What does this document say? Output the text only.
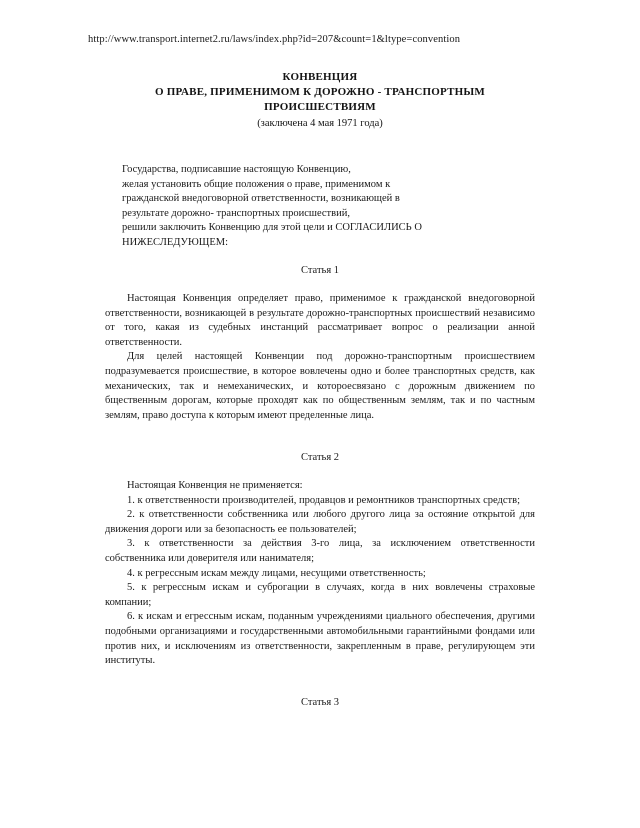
http://www.transport.internet2.ru/laws/index.php?id=207&count=1&ltype=convention
КОНВЕНЦИЯ
О ПРАВЕ, ПРИМЕНИМОМ К ДОРОЖНО - ТРАНСПОРТНЫМ
ПРОИСШЕСТВИЯМ
(заключена 4 мая 1971 года)
Государства, подписавшие настоящую Конвенцию,
желая установить общие положения о праве, применимом к
гражданской внедоговорной ответственности, возникающей в
результате дорожно- транспортных происшествий,
решили заключить Конвенцию для этой цели и СОГЛАСИЛИСЬ О
НИЖЕСЛЕДУЮЩЕМ:
Статья 1

Настоящая Конвенция определяет право, применимое к гражданской внедоговорной ответственности, возникающей в результате дорожно-транспортных происшествий независимо от того, какая из судебных инстанций рассматривает вопрос о реализации анной ответственности.

Для целей настоящей Конвенции под дорожно-транспортным происшествием подразумевается происшествие, в которое вовлечены одно и более транспортных средств, как механических, так и немеханических, и котороесвязано с дорожным движением по бщественным дорогам, которые проходят как по общественным землям, так и по частным землям, право доступа к которым имеют пределенные лица.

Статья 2

Настоящая Конвенция не применяется:

1. к ответственности производителей, продавцов и ремонтников транспортных средств;

2. к ответственности собственника или любого другого лица за остояние открытой для движения дороги или за безопасность ее пользователей;

3. к ответственности за действия 3-го лица, за исключением ответственности собственника или доверителя или нанимателя;

4. к регрессным искам между лицами, несущими ответственность;

5. к регрессным искам и суброгации в случаях, когда в них вовлечены страховые компании;

6. к искам и егрессным искам, поданным учреждениями циального обеспечения, другими подобными организациями и государственными автомобильными гарантийными фондами или против них, и исключениям из ответственности, закрепленным в праве, регулирующем эти институты.

Статья 3
